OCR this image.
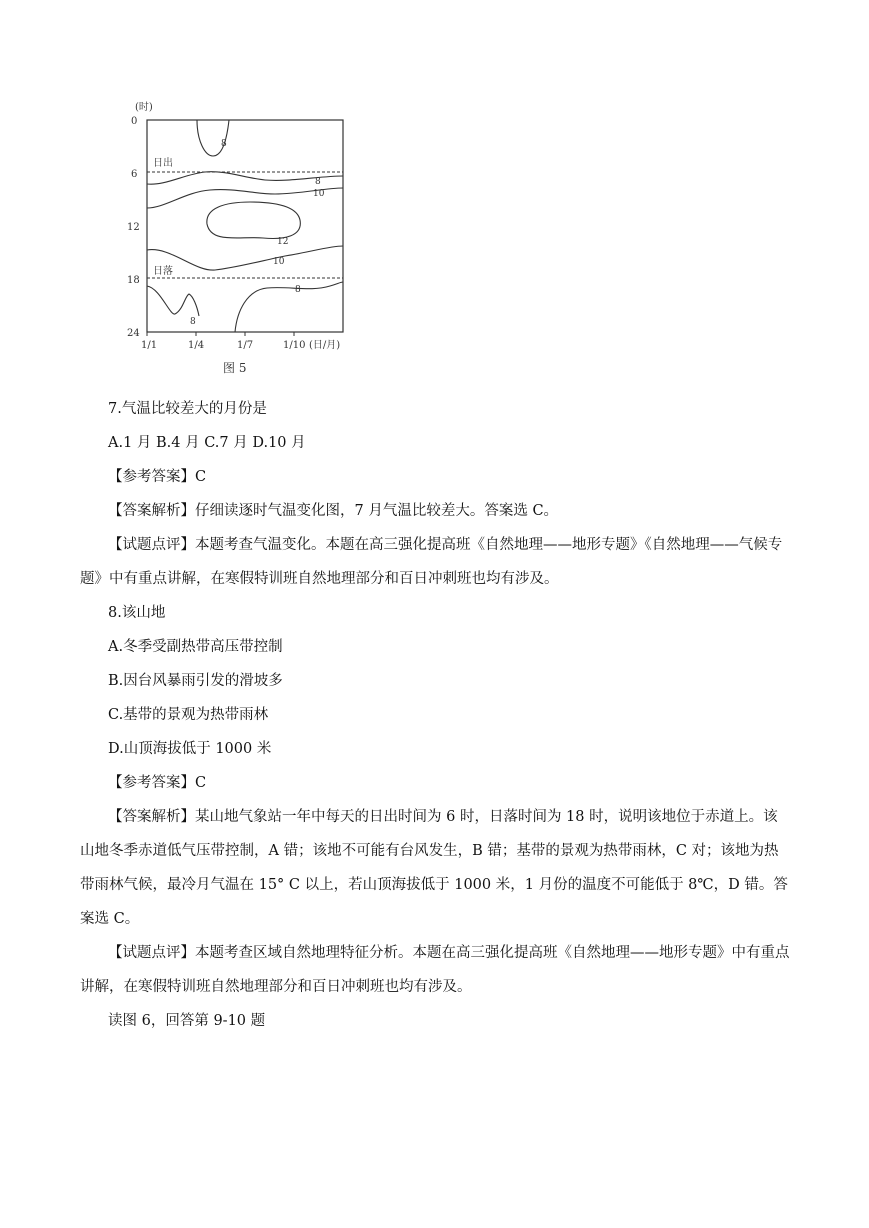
(时)
0
6
12
18
24
1/1	1/4	1/7	1/10 (日/月)
日出
日落
8
8
10
12
10
8
8
图 5

7.气温比较差大的月份是

A.1 月 B.4 月 C.7 月 D.10 月

【参考答案】C

【答案解析】仔细读逐时气温变化图，7 月气温比较差大。答案选 C。

【试题点评】本题考查气温变化。本题在高三强化提高班《自然地理——地形专题》《自然地理——气候专题》中有重点讲解，在寒假特训班自然地理部分和百日冲刺班也均有涉及。

8.该山地

A.冬季受副热带高压带控制

B.因台风暴雨引发的滑坡多

C.基带的景观为热带雨林

D.山顶海拔低于 1000 米

【参考答案】C

【答案解析】某山地气象站一年中每天的日出时间为 6 时，日落时间为 18 时，说明该地位于赤道上。该山地冬季赤道低气压带控制，A 错；该地不可能有台风发生，B 错；基带的景观为热带雨林，C 对；该地为热带雨林气候，最冷月气温在 15° C 以上，若山顶海拔低于 1000 米，1 月份的温度不可能低于 8℃，D 错。答案选 C。

【试题点评】本题考查区域自然地理特征分析。本题在高三强化提高班《自然地理——地形专题》中有重点讲解，在寒假特训班自然地理部分和百日冲刺班也均有涉及。

读图 6，回答第 9-10 题
